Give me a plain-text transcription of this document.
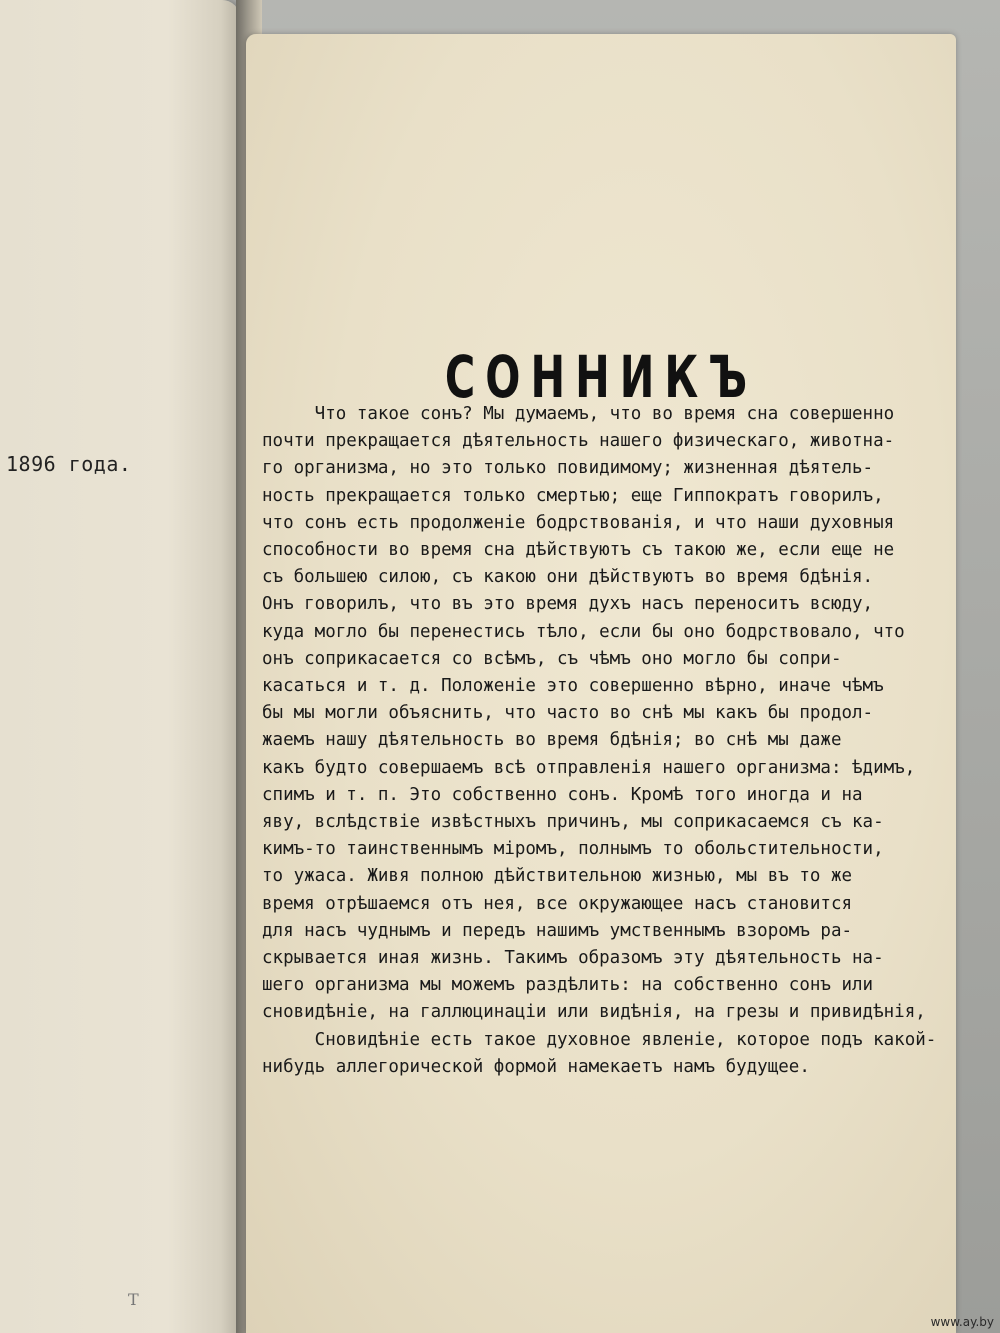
1896 года.
Т
СОННИКЪ
Что такое сонъ? Мы думаемъ, что во время сна совершенно
почти прекращается дѣятельность нашего физическаго, животна-
го организма, но это только повидимому; жизненная дѣятель-
ность прекращается только смертью; еще Гиппократъ говорилъ,
что сонъ есть продолженіе бодрствованія, и что наши духовныя
способности во время сна дѣйствуютъ съ такою же, если еще не
съ большею силою, съ какою они дѣйствуютъ во время бдѣнія.
Онъ говорилъ, что въ это время духъ насъ переноситъ всюду,
куда могло бы перенестись тѣло, если бы оно бодрствовало, что
онъ соприкасается со всѣмъ, съ чѣмъ оно могло бы сопри-
касаться и т. д. Положеніе это совершенно вѣрно, иначе чѣмъ
бы мы могли объяснить, что часто во снѣ мы какъ бы продол-
жаемъ нашу дѣятельность во время бдѣнія; во снѣ мы даже
какъ будто совершаемъ всѣ отправленія нашего организма: ѣдимъ,
спимъ и т. п. Это собственно сонъ. Кромѣ того иногда и на
яву, вслѣдствіе извѣстныхъ причинъ, мы соприкасаемся съ ка-
кимъ-то таинственнымъ міромъ, полнымъ то обольстительности,
то ужаса. Живя полною дѣйствительною жизнью, мы въ то же
время отрѣшаемся отъ нея, все окружающее насъ становится
для насъ чуднымъ и передъ нашимъ умственнымъ взоромъ ра-
скрывается иная жизнь. Такимъ образомъ эту дѣятельность на-
шего организма мы можемъ раздѣлить: на собственно сонъ или
сновидѣніе, на галлюцинаціи или видѣнія, на грезы и привидѣнія,
Сновидѣніе есть такое духовное явленіе, которое подъ какой-
нибудь аллегорической формой намекаетъ намъ будущее.
www.ay.by
